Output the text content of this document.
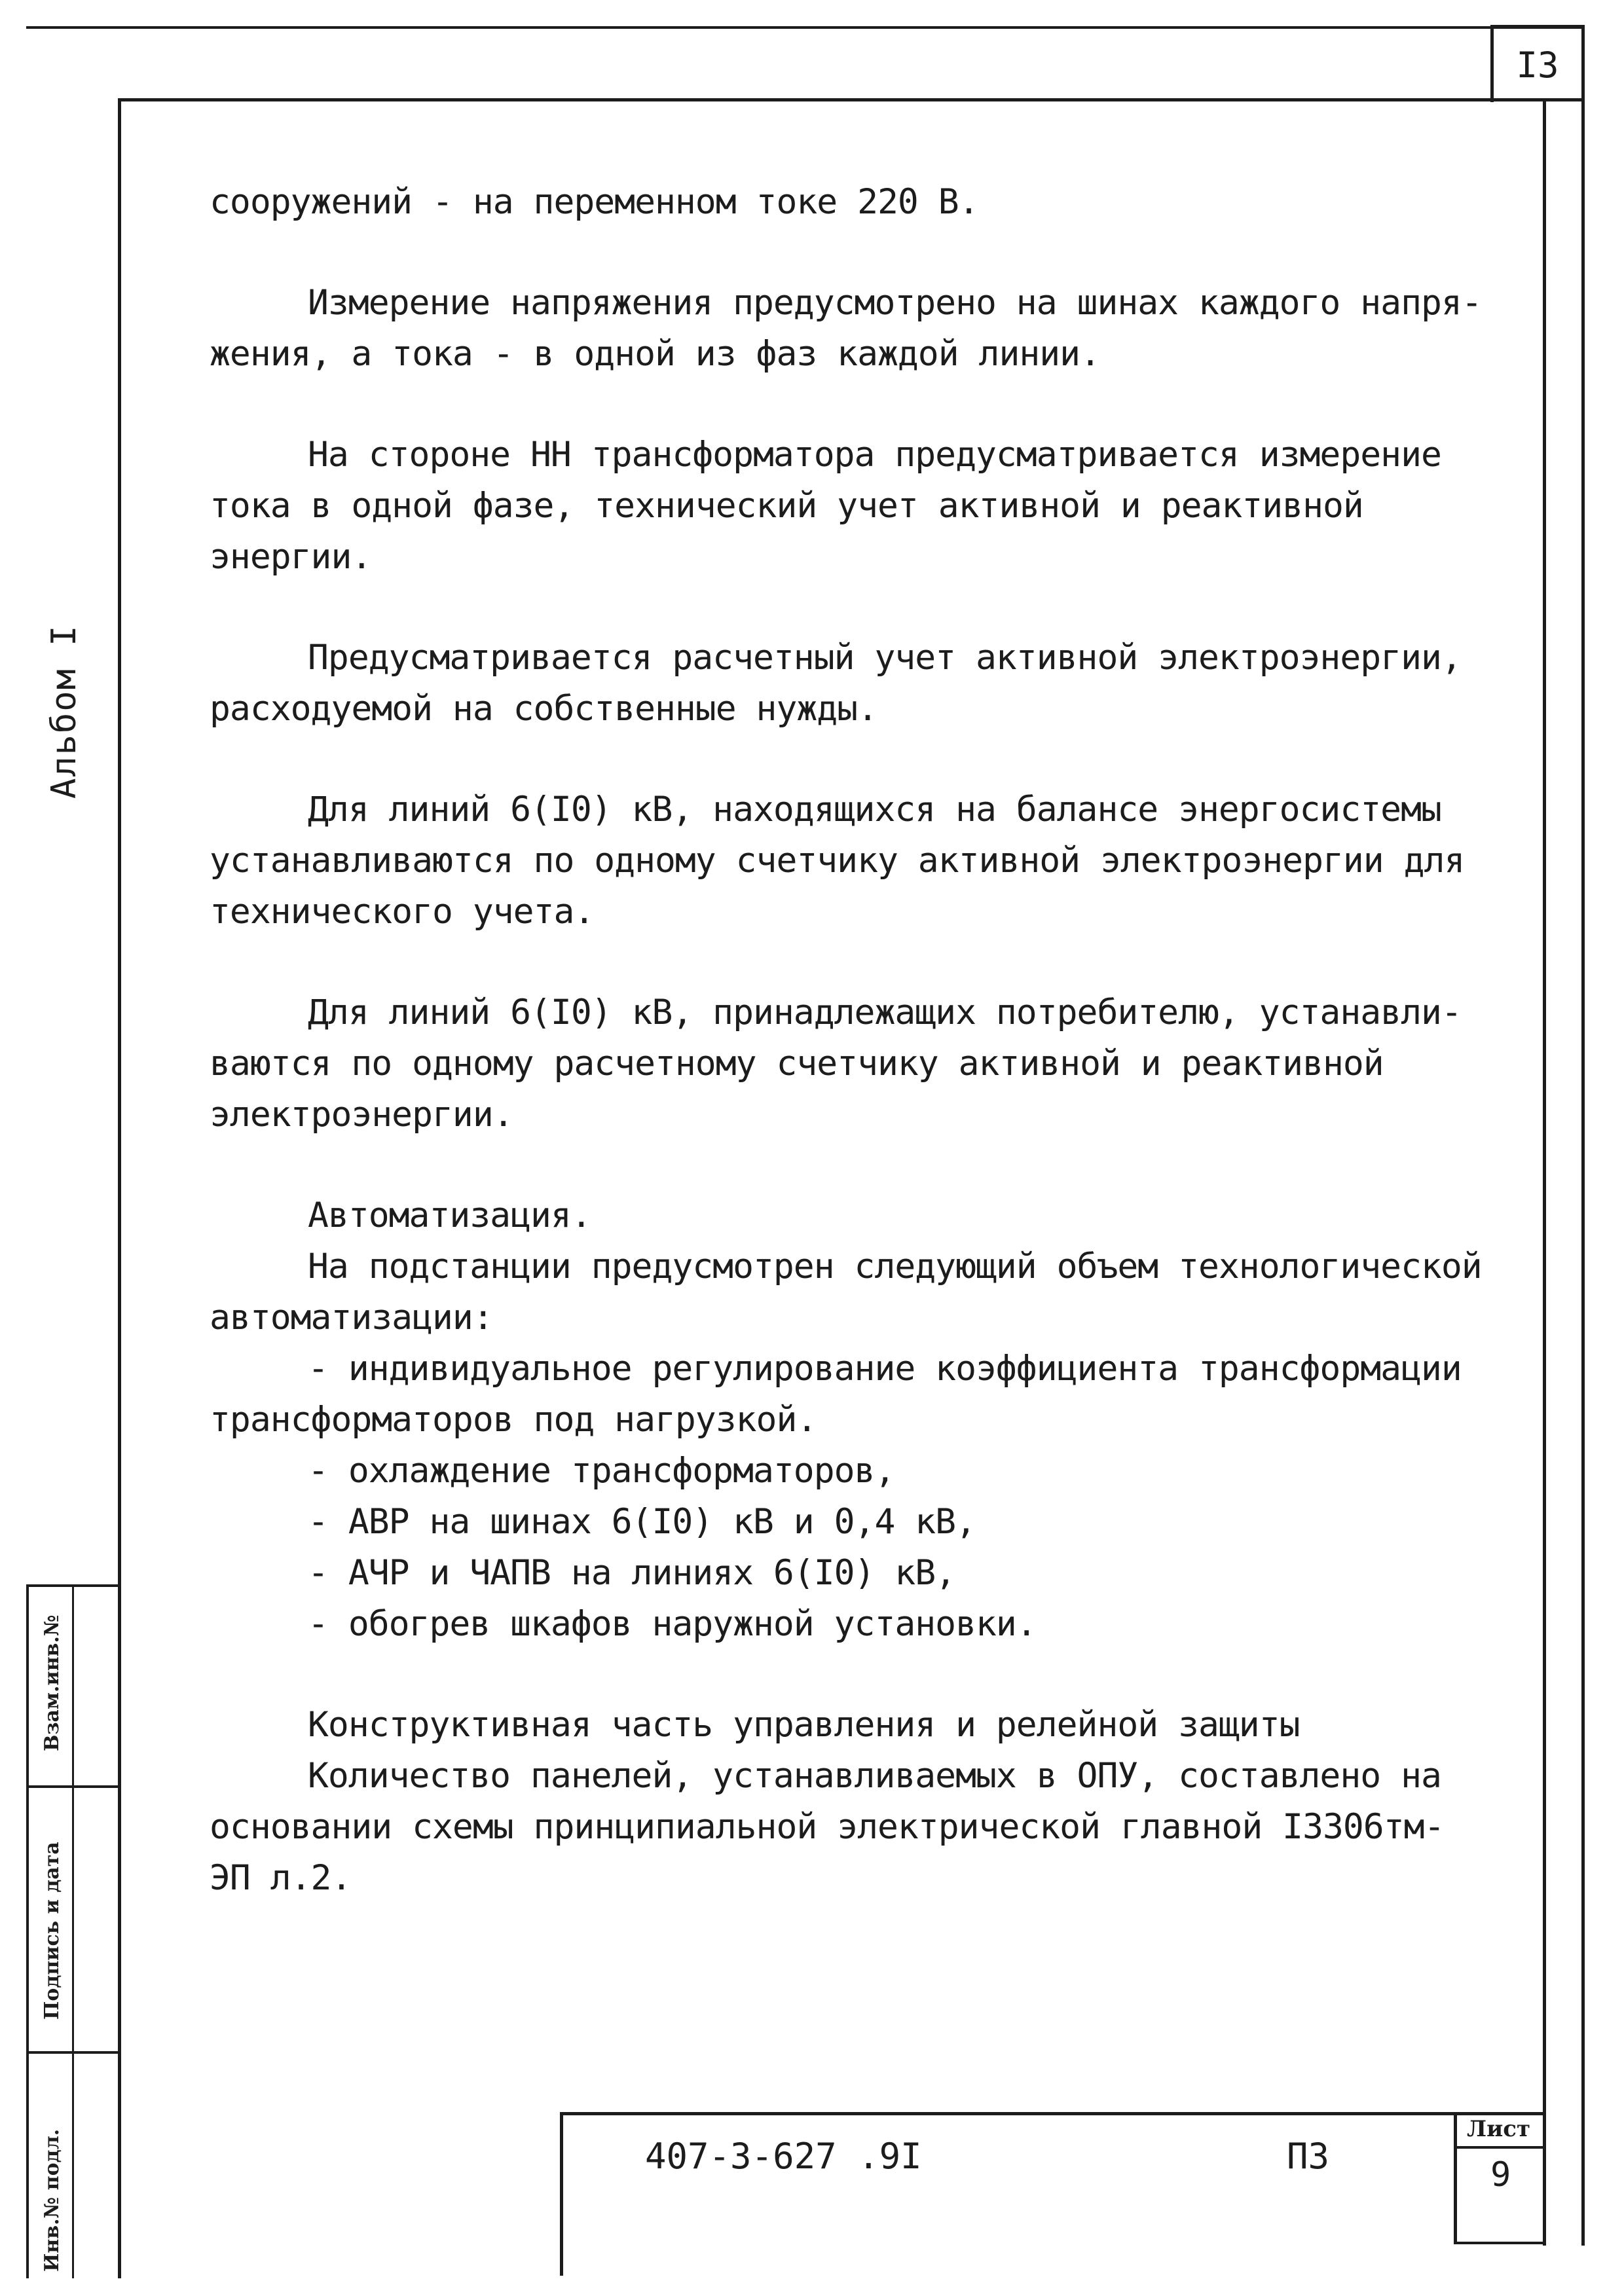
I3
Альбом I
Взам.инв.№
Подпись и дата
Инв.№ подл.

сооружений - на переменном токе 220 В.

Измерение напряжения предусмотрено на шинах каждого напря-

жения, а тока - в одной из фаз каждой линии.

На стороне НН трансформатора предусматривается измерение

тока в одной фазе, технический учет активной и реактивной

энергии.

Предусматривается расчетный учет активной электроэнергии,

расходуемой на собственные нужды.

Для линий 6(I0) кВ, находящихся на балансе энергосистемы

устанавливаются по одному счетчику активной электроэнергии для

технического учета.

Для линий 6(I0) кВ, принадлежащих потребителю, устанавли-

ваются по одному расчетному счетчику активной и реактивной

электроэнергии.

Автоматизация.

На подстанции предусмотрен следующий объем технологической

автоматизации:

- индивидуальное регулирование коэффициента трансформации

трансформаторов под нагрузкой.

- охлаждение трансформаторов,

- АВР на шинах 6(I0) кВ и 0,4 кВ,

- АЧР и ЧАПВ на линиях 6(I0) кВ,

- обогрев шкафов наружной установки.

Конструктивная часть управления и релейной защиты

Количество панелей, устанавливаемых в ОПУ, составлено на

основании схемы принципиальной электрической главной I3306тм-

ЭП л.2.

407-3-627 .9I	ПЗ
Лист
9
